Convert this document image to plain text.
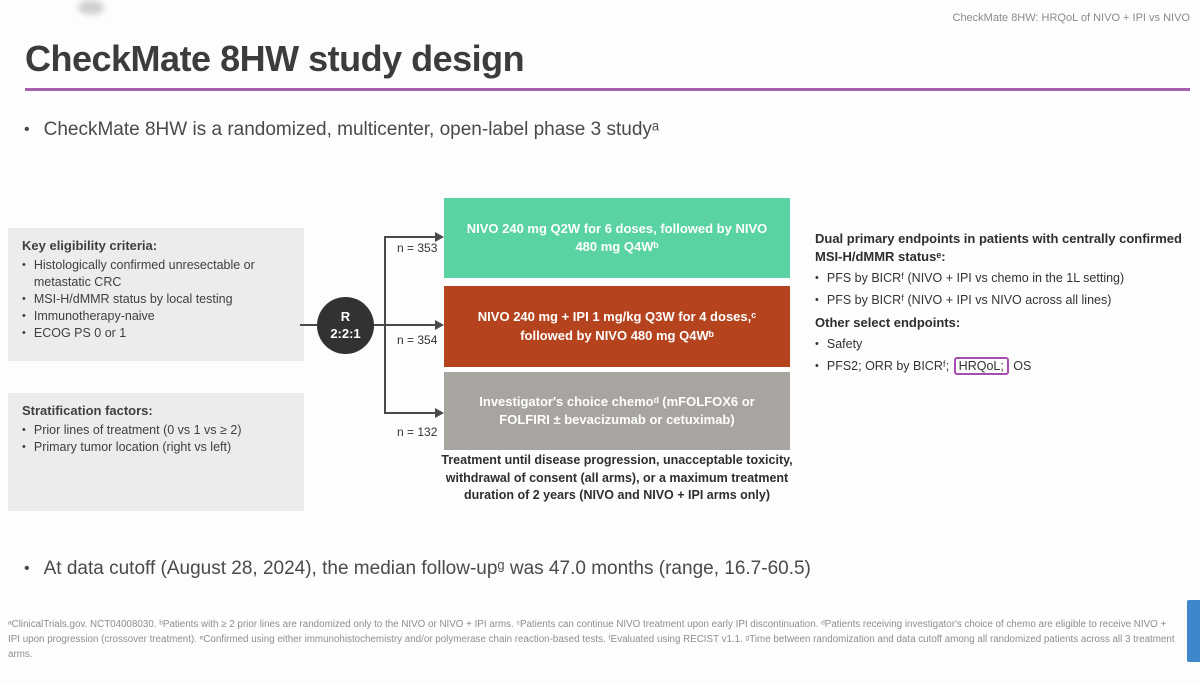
CheckMate 8HW: HRQoL of NIVO + IPI vs NIVO
CheckMate 8HW study design
• CheckMate 8HW is a randomized, multicenter, open-label phase 3 studyᵃ
Key eligibility criteria:
• Histologically confirmed unresectable or metastatic CRC
• MSI-H/dMMR status by local testing
• Immunotherapy-naive
• ECOG PS 0 or 1
Stratification factors:
• Prior lines of treatment (0 vs 1 vs ≥ 2)
• Primary tumor location (right vs left)
R
2:2:1
n = 353
n = 354
n = 132
NIVO 240 mg Q2W for 6 doses, followed by NIVO 480 mg Q4Wᵇ
NIVO 240 mg + IPI 1 mg/kg Q3W for 4 doses,ᶜ followed by NIVO 480 mg Q4Wᵇ
Investigator's choice chemoᵈ (mFOLFOX6 or FOLFIRI ± bevacizumab or cetuximab)
Treatment until disease progression, unacceptable toxicity, withdrawal of consent (all arms), or a maximum treatment duration of 2 years (NIVO and NIVO + IPI arms only)
Dual primary endpoints in patients with centrally confirmed MSI-H/dMMR statusᵉ:
• PFS by BICRᶠ (NIVO + IPI vs chemo in the 1L setting)
• PFS by BICRᶠ (NIVO + IPI vs NIVO across all lines)
Other select endpoints:
• Safety
• PFS2; ORR by BICRᶠ; HRQoL; OS
• At data cutoff (August 28, 2024), the median follow-upᵍ was 47.0 months (range, 16.7-60.5)
ᵃClinicalTrials.gov. NCT04008030. ᵇPatients with ≥ 2 prior lines are randomized only to the NIVO or NIVO + IPI arms. ᶜPatients can continue NIVO treatment upon early IPI discontinuation. ᵈPatients receiving investigator's choice of chemo are eligible to receive NIVO + IPI upon progression (crossover treatment). ᵉConfirmed using either immunohistochemistry and/or polymerase chain reaction-based tests. ᶠEvaluated using RECIST v1.1. ᵍTime between randomization and data cutoff among all randomized patients across all 3 treatment arms.
